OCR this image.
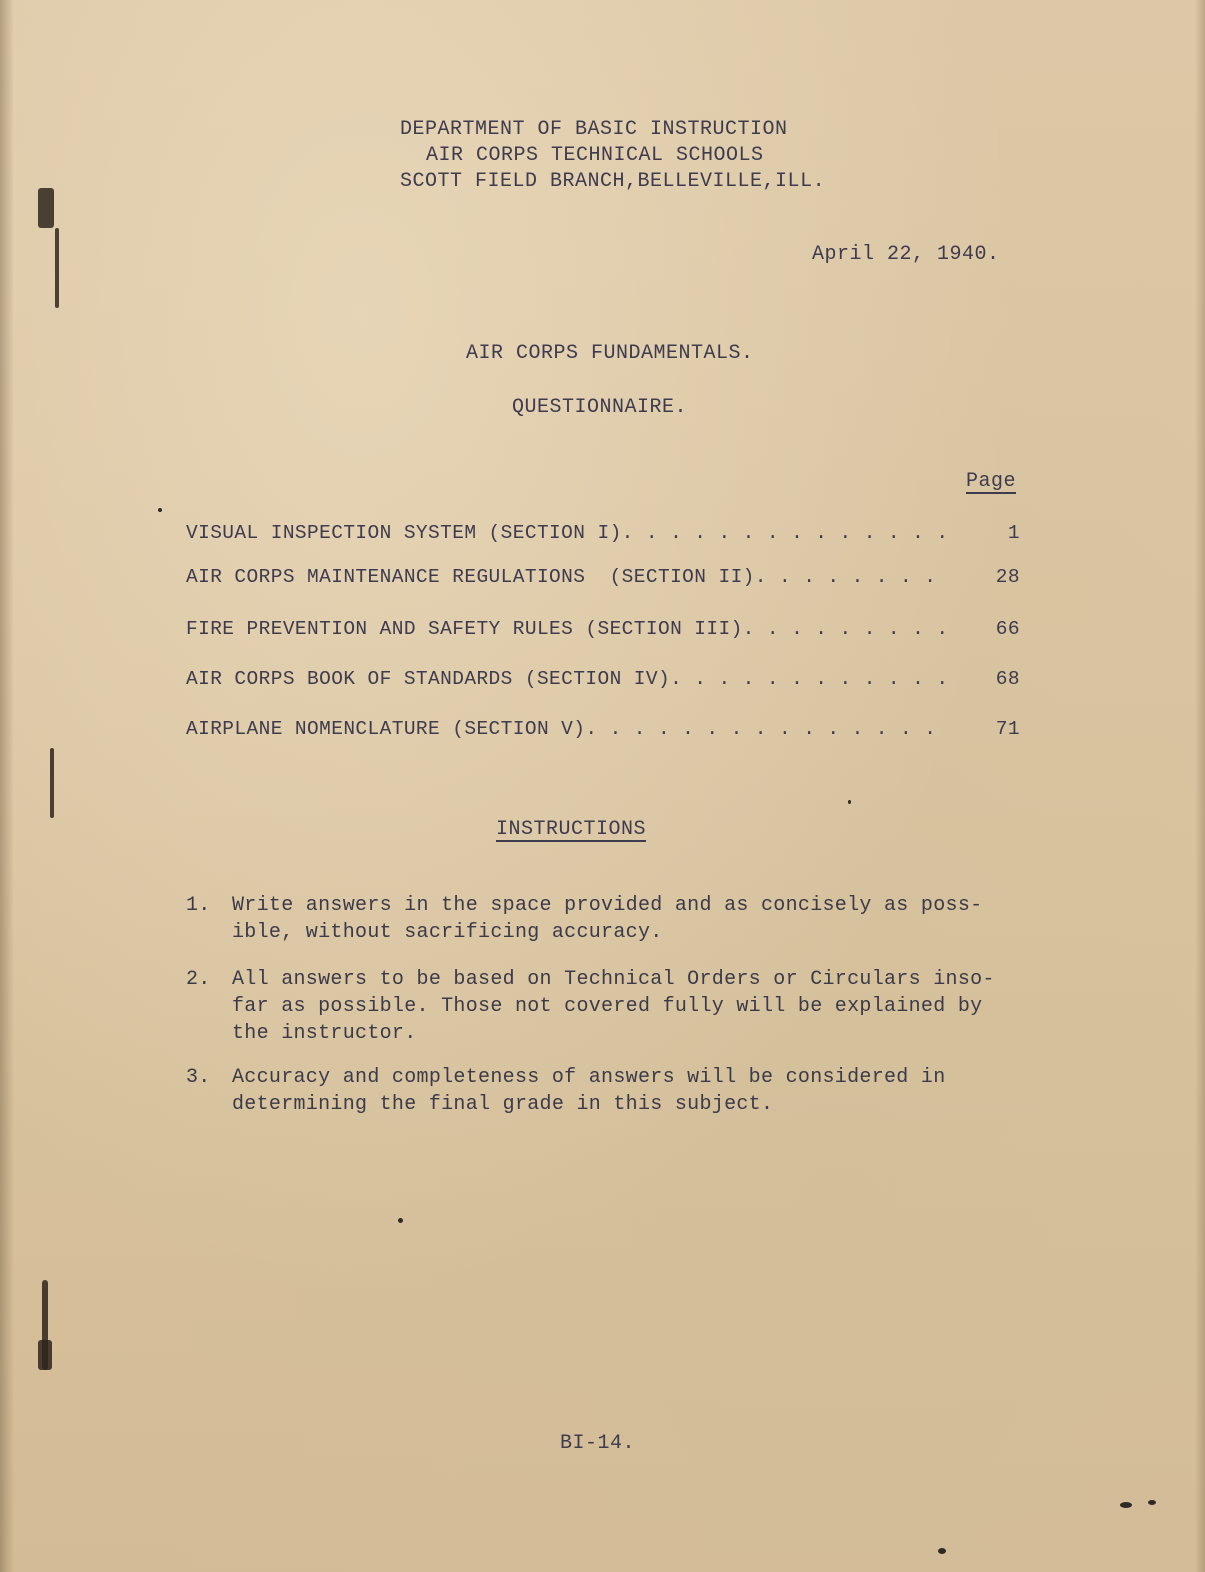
DEPARTMENT OF BASIC INSTRUCTION
AIR CORPS TECHNICAL SCHOOLS
SCOTT FIELD BRANCH,BELLEVILLE,ILL.
April 22, 1940.
AIR CORPS FUNDAMENTALS.
QUESTIONNAIRE.
Page
VISUAL INSPECTION SYSTEM (SECTION I). . . . . . . . . . . . . .	1
AIR CORPS MAINTENANCE REGULATIONS  (SECTION II). . . . . . . .	28
FIRE PREVENTION AND SAFETY RULES (SECTION III). . . . . . . . . 66
AIR CORPS BOOK OF STANDARDS (SECTION IV). . . . . . . . . . . . 68
AIRPLANE NOMENCLATURE (SECTION V). . . . . . . . . . . . . . .	71
INSTRUCTIONS
1. Write answers in the space provided and as concisely as poss- ible, without sacrificing accuracy.
2. All answers to be based on Technical Orders or Circulars inso- far as possible. Those not covered fully will be explained by the instructor.
3. Accuracy and completeness of answers will be considered in determining the final grade in this subject.
BI-14.
